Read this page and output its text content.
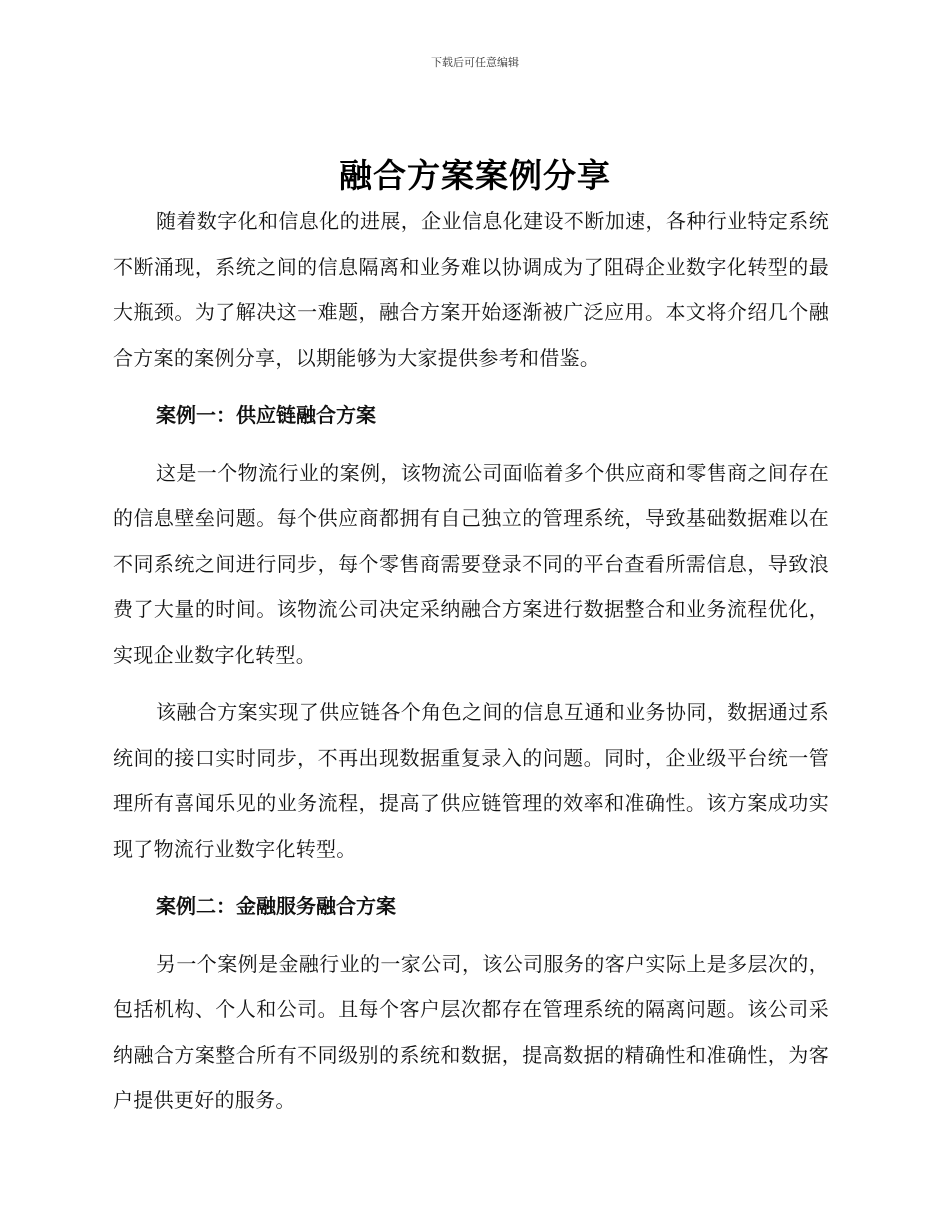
下载后可任意编辑
融合方案案例分享

随着数字化和信息化的进展，企业信息化建设不断加速，各种行业特定系统不断涌现，系统之间的信息隔离和业务难以协调成为了阻碍企业数字化转型的最大瓶颈。为了解决这一难题，融合方案开始逐渐被广泛应用。本文将介绍几个融合方案的案例分享，以期能够为大家提供参考和借鉴。

案例一：供应链融合方案

这是一个物流行业的案例，该物流公司面临着多个供应商和零售商之间存在的信息壁垒问题。每个供应商都拥有自己独立的管理系统，导致基础数据难以在不同系统之间进行同步，每个零售商需要登录不同的平台查看所需信息，导致浪费了大量的时间。该物流公司决定采纳融合方案进行数据整合和业务流程优化，实现企业数字化转型。

该融合方案实现了供应链各个角色之间的信息互通和业务协同，数据通过系统间的接口实时同步，不再出现数据重复录入的问题。同时，企业级平台统一管理所有喜闻乐见的业务流程，提高了供应链管理的效率和准确性。该方案成功实现了物流行业数字化转型。

案例二：金融服务融合方案

另一个案例是金融行业的一家公司，该公司服务的客户实际上是多层次的，包括机构、个人和公司。且每个客户层次都存在管理系统的隔离问题。该公司采纳融合方案整合所有不同级别的系统和数据，提高数据的精确性和准确性，为客户提供更好的服务。
